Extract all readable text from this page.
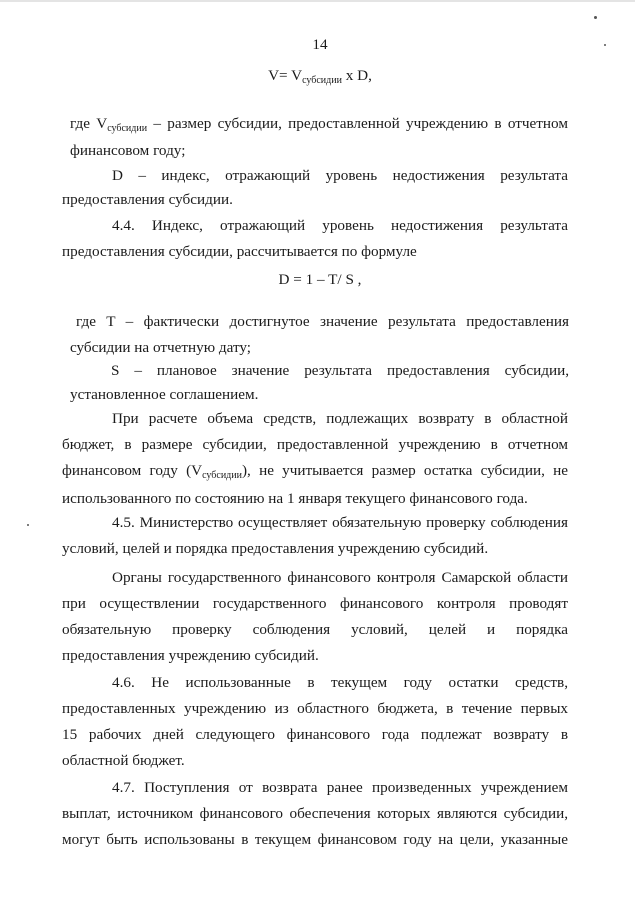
14
$V= V_{субсидии}$ x D,
где $V_{субсидии}$ – размер субсидии, предоставленной учреждению в отчетном
финансовом году;
D – индекс, отражающий уровень недостижения результата
предоставления субсидии.
4.4. Индекс, отражающий уровень недостижения результата
предоставления субсидии, рассчитывается по формуле
D = 1 – T/ S ,
где T – фактически достигнутое значение результата предоставления
субсидии на отчетную дату;
S – плановое значение результата предоставления субсидии,
установленное соглашением.
При расчете объема средств, подлежащих возврату в областной
бюджет, в размере субсидии, предоставленной учреждению в отчетном
финансовом году $(V_{субсидии})$, не учитывается размер остатка субсидии, не
использованного по состоянию на 1 января текущего финансового года.
4.5. Министерство осуществляет обязательную проверку соблюдения
условий, целей и порядка предоставления учреждению субсидий.
Органы государственного финансового контроля Самарской области
при осуществлении государственного финансового контроля проводят
обязательную проверку соблюдения условий, целей и порядка
предоставления учреждению субсидий.
4.6. Не использованные в текущем году остатки средств,
предоставленных учреждению из областного бюджета, в течение первых
15 рабочих дней следующего финансового года подлежат возврату в
областной бюджет.
4.7. Поступления от возврата ранее произведенных учреждением
выплат, источником финансового обеспечения которых являются субсидии,
могут быть использованы в текущем финансовом году на цели, указанные
